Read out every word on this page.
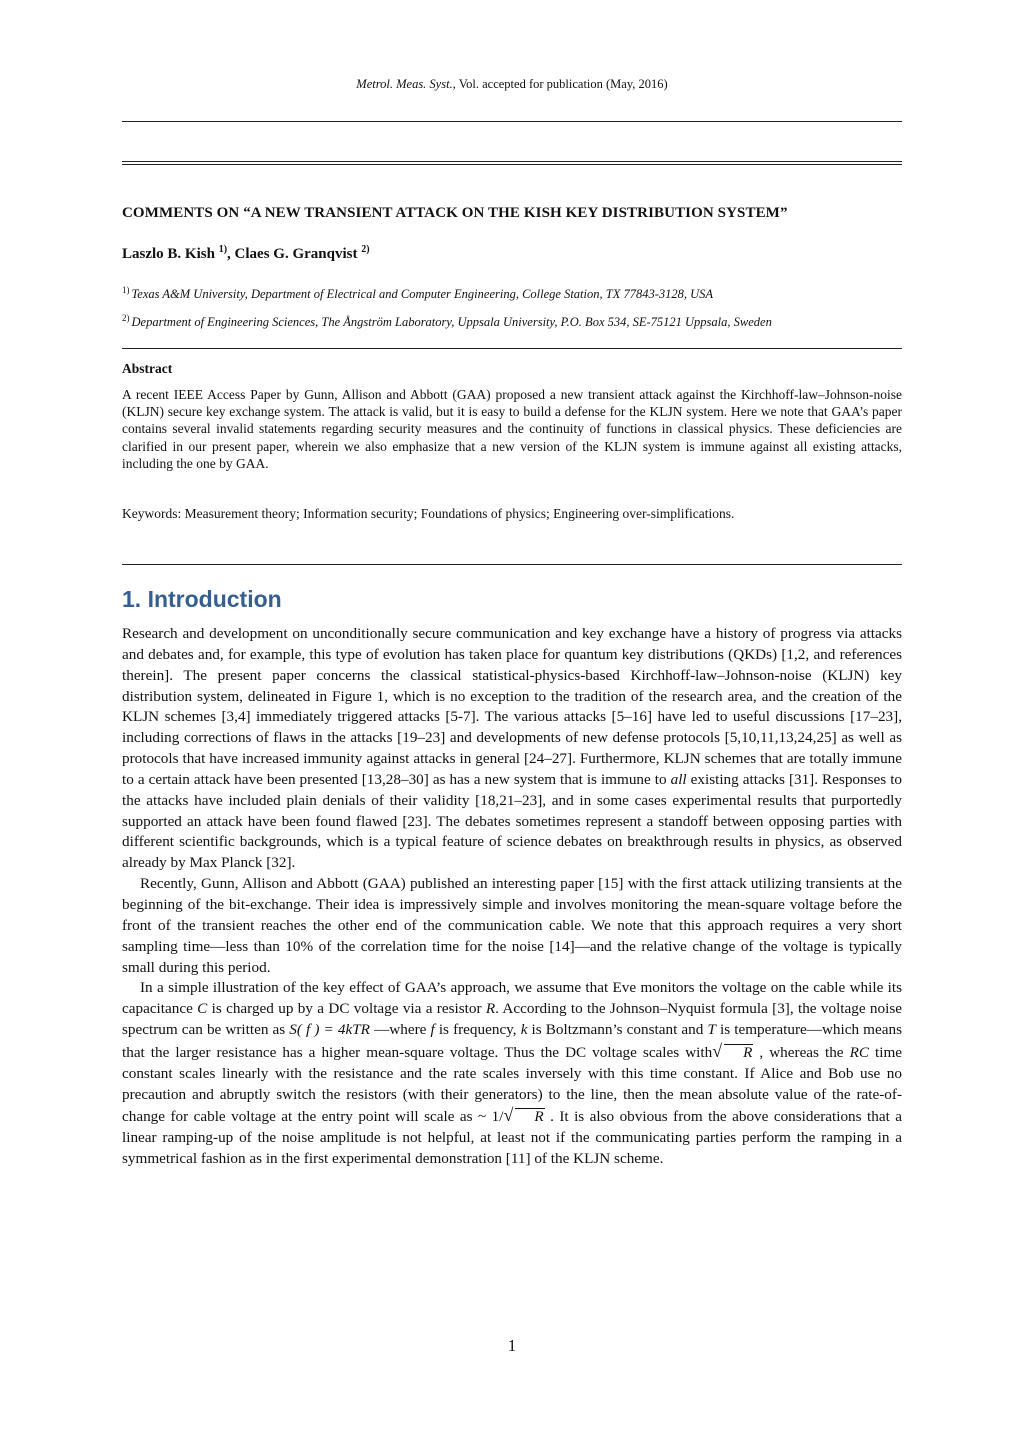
Metrol. Meas. Syst., Vol. accepted for publication (May, 2016)
COMMENTS ON “A NEW TRANSIENT ATTACK ON THE KISH KEY DISTRIBUTION SYSTEM”
Laszlo B. Kish $^{1)}$, Claes G. Granqvist $^{2)}$
$^{1)}$ Texas A&M University, Department of Electrical and Computer Engineering, College Station, TX 77843-3128, USA
$^{2)}$ Department of Engineering Sciences, The Ångström Laboratory, Uppsala University, P.O. Box 534, SE-75121 Uppsala, Sweden
Abstract
A recent IEEE Access Paper by Gunn, Allison and Abbott (GAA) proposed a new transient attack against the Kirchhoff-law–Johnson-noise (KLJN) secure key exchange system. The attack is valid, but it is easy to build a defense for the KLJN system. Here we note that GAA’s paper contains several invalid statements regarding security measures and the continuity of functions in classical physics. These deficiencies are clarified in our present paper, wherein we also emphasize that a new version of the KLJN system is immune against all existing attacks, including the one by GAA.
Keywords: Measurement theory; Information security; Foundations of physics; Engineering over-simplifications.
1. Introduction

Research and development on unconditionally secure communication and key exchange have a history of progress via attacks and debates and, for example, this type of evolution has taken place for quantum key distributions (QKDs) [1,2, and references therein]. The present paper concerns the classical statistical-physics-based Kirchhoff-law–Johnson-noise (KLJN) key distribution system, delineated in Figure 1, which is no exception to the tradition of the research area, and the creation of the KLJN schemes [3,4] immediately triggered attacks [5-7]. The various attacks [5–16] have led to useful discussions [17–23], including corrections of flaws in the attacks [19–23] and developments of new defense protocols [5,10,11,13,24,25] as well as protocols that have increased immunity against attacks in general [24–27]. Furthermore, KLJN schemes that are totally immune to a certain attack have been presented [13,28–30] as has a new system that is immune to all existing attacks [31]. Responses to the attacks have included plain denials of their validity [18,21–23], and in some cases experimental results that purportedly supported an attack have been found flawed [23]. The debates sometimes represent a standoff between opposing parties with different scientific backgrounds, which is a typical feature of science debates on breakthrough results in physics, as observed already by Max Planck [32].

Recently, Gunn, Allison and Abbott (GAA) published an interesting paper [15] with the first attack utilizing transients at the beginning of the bit-exchange. Their idea is impressively simple and involves monitoring the mean-square voltage before the front of the transient reaches the other end of the communication cable. We note that this approach requires a very short sampling time—less than 10% of the correlation time for the noise [14]—and the relative change of the voltage is typically small during this period.

In a simple illustration of the key effect of GAA’s approach, we assume that Eve monitors the voltage on the cable while its capacitance C is charged up by a DC voltage via a resistor R. According to the Johnson–Nyquist formula [3], the voltage noise spectrum can be written as S( f ) = 4kTR —where f is frequency, k is Boltzmann’s constant and T is temperature—which means that the larger resistance has a higher mean-square voltage. Thus the DC voltage scales with√ R , whereas the RC time constant scales linearly with the resistance and the rate scales inversely with this time constant. If Alice and Bob use no precaution and abruptly switch the resistors (with their generators) to the line, then the mean absolute value of the rate-of-change for cable voltage at the entry point will scale as ~ 1/√ R . It is also obvious from the above considerations that a linear ramping-up of the noise amplitude is not helpful, at least not if the communicating parties perform the ramping in a symmetrical fashion as in the first experimental demonstration [11] of the KLJN scheme.

1
